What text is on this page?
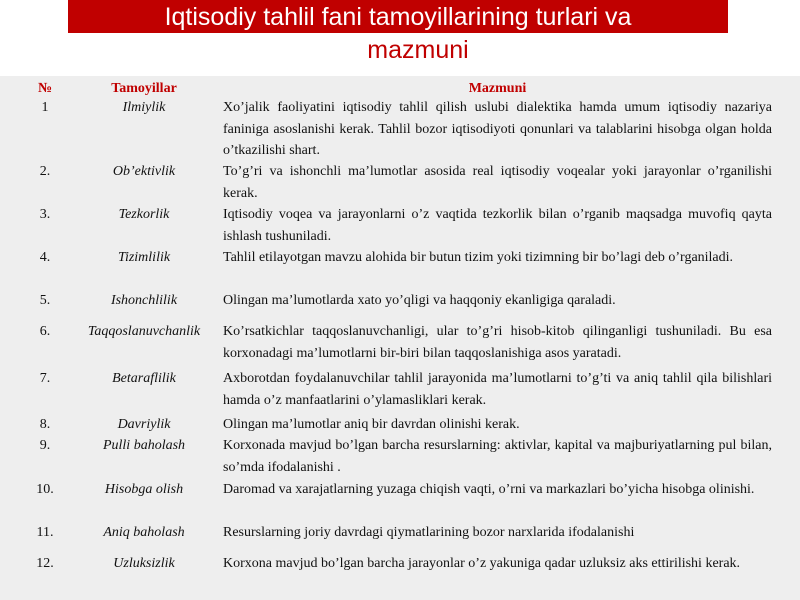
Iqtisodiy tahlil fani tamoyillarining turlari va
mazmuni
№	Tamoyillar	Mazmuni
1	Ilmiylik	Xo’jalik faoliyatini iqtisodiy tahlil qilish uslubi dialektika hamda umum iqtisodiy nazariya faniniga asoslanishi kerak. Tahlil bozor iqtisodiyoti qonunlari va talablarini hisobga olgan holda o’tkazilishi shart.
2.	Ob’ektivlik	To’g’ri va ishonchli ma’lumotlar asosida real iqtisodiy voqealar yoki jarayonlar o’rganilishi kerak.
3.	Tezkorlik	Iqtisodiy voqea va jarayonlarni o’z vaqtida tezkorlik bilan o’rganib maqsadga muvofiq qayta ishlash tushuniladi.
4.	Tizimlilik	Tahlil etilayotgan mavzu alohida bir butun tizim yoki tizimning bir bo’lagi deb o’rganiladi.
5.	Ishonchlilik	Olingan ma’lumotlarda xato yo’qligi va haqqoniy ekanligiga qaraladi.
6.	Taqqoslanuvchanlik	Ko’rsatkichlar taqqoslanuvchanligi, ular to’g’ri hisob-kitob qilinganligi tushuniladi. Bu esa korxonadagi ma’lumotlarni bir-biri bilan taqqoslanishiga asos yaratadi.
7.	Betaraflilik	Axborotdan foydalanuvchilar tahlil jarayonida ma’lumotlarni to’g’ti va aniq tahlil qila bilishlari hamda o’z manfaatlarini o’ylamasliklari kerak.
8.	Davriylik	Olingan ma’lumotlar aniq bir davrdan olinishi kerak.
9.	Pulli baholash	Korxonada mavjud bo’lgan barcha resurslarning: aktivlar, kapital va majburiyatlarning pul bilan, so’mda ifodalanishi .
10.	Hisobga olish	Daromad va xarajatlarning yuzaga chiqish vaqti, o’rni va markazlari bo’yicha hisobga olinishi.
11.	Aniq baholash	Resurslarning joriy davrdagi qiymatlarining bozor narxlarida ifodalanishi
12.	Uzluksizlik	Korxona mavjud bo’lgan barcha jarayonlar o’z yakuniga qadar uzluksiz aks ettirilishi kerak.
